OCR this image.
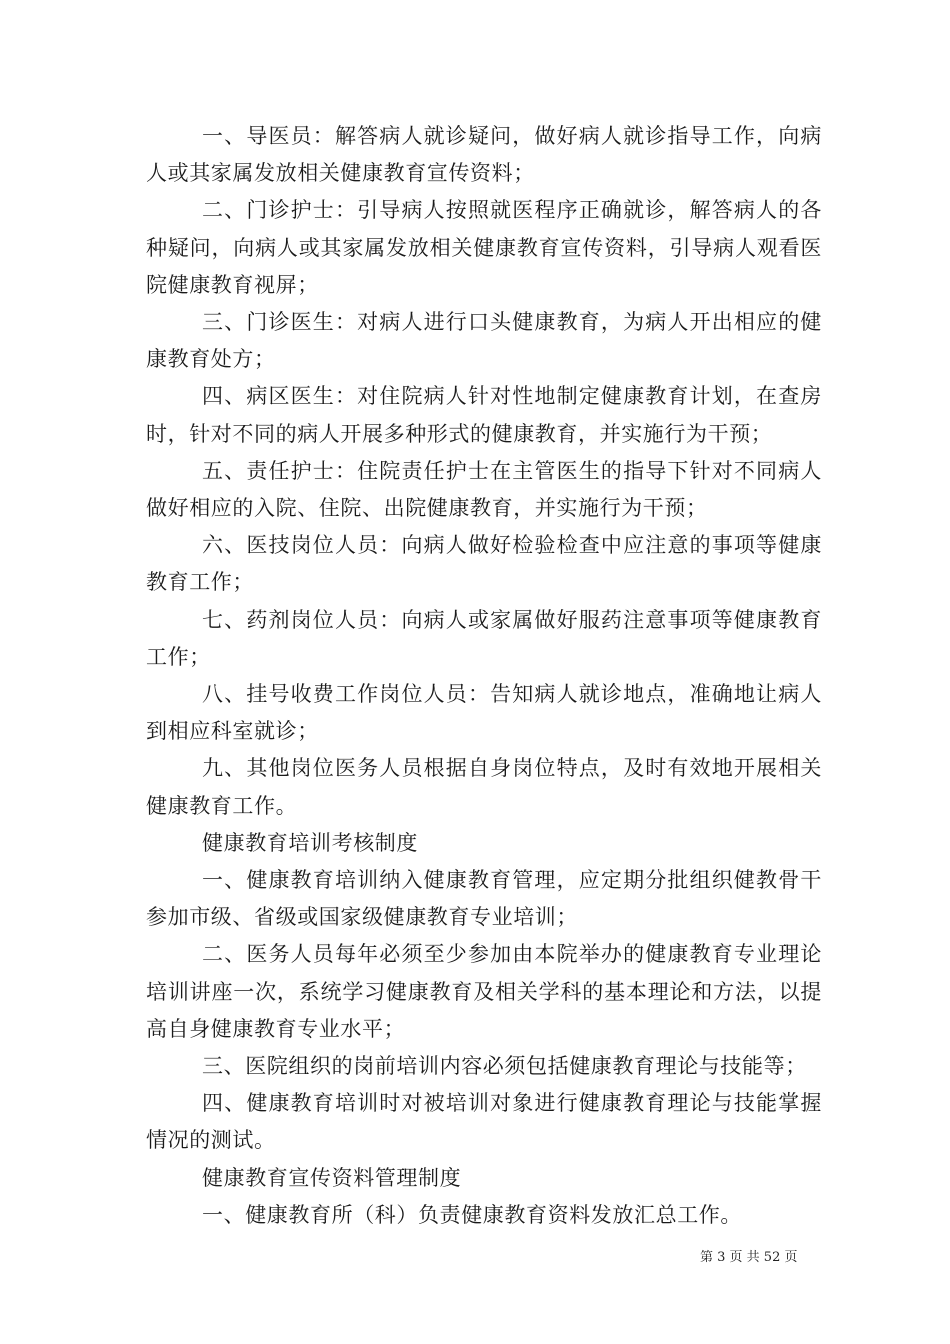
一、导医员：解答病人就诊疑问，做好病人就诊指导工作，向病人或其家属发放相关健康教育宣传资料；

二、门诊护士：引导病人按照就医程序正确就诊，解答病人的各种疑问，向病人或其家属发放相关健康教育宣传资料，引导病人观看医院健康教育视屏；

三、门诊医生：对病人进行口头健康教育，为病人开出相应的健康教育处方；

四、病区医生：对住院病人针对性地制定健康教育计划，在查房时，针对不同的病人开展多种形式的健康教育，并实施行为干预；

五、责任护士：住院责任护士在主管医生的指导下针对不同病人做好相应的入院、住院、出院健康教育，并实施行为干预；

六、医技岗位人员：向病人做好检验检查中应注意的事项等健康教育工作；

七、药剂岗位人员：向病人或家属做好服药注意事项等健康教育工作；

八、挂号收费工作岗位人员：告知病人就诊地点，准确地让病人到相应科室就诊；

九、其他岗位医务人员根据自身岗位特点，及时有效地开展相关健康教育工作。

健康教育培训考核制度

一、健康教育培训纳入健康教育管理，应定期分批组织健教骨干参加市级、省级或国家级健康教育专业培训；

二、医务人员每年必须至少参加由本院举办的健康教育专业理论培训讲座一次，系统学习健康教育及相关学科的基本理论和方法，以提高自身健康教育专业水平；

三、医院组织的岗前培训内容必须包括健康教育理论与技能等；

四、健康教育培训时对被培训对象进行健康教育理论与技能掌握情况的测试。

健康教育宣传资料管理制度

一、健康教育所（科）负责健康教育资料发放汇总工作。

第 3 页 共 52 页
